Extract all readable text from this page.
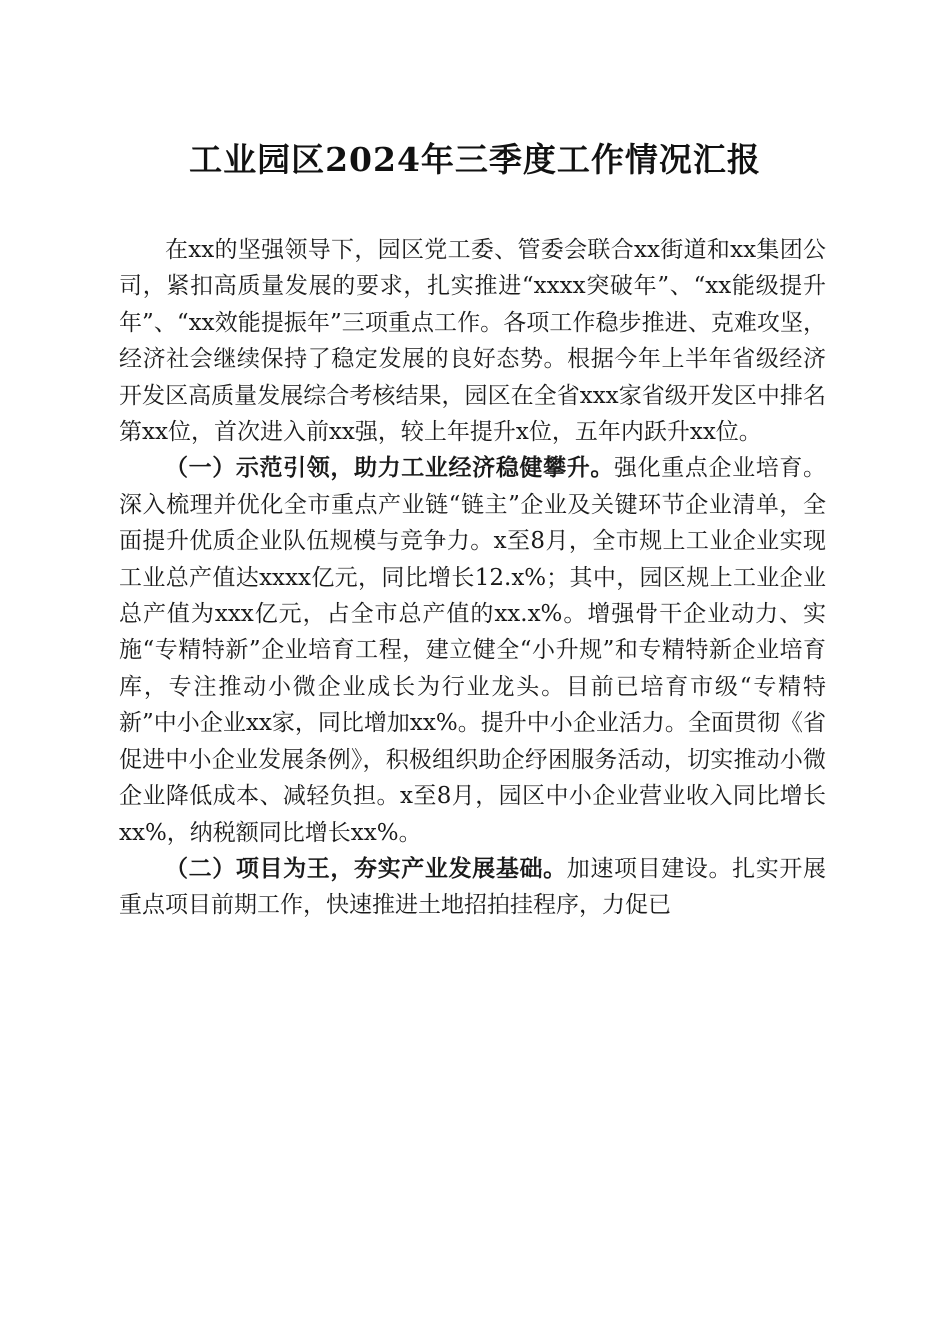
工业园区2024年三季度工作情况汇报

在xx的坚强领导下，园区党工委、管委会联合xx街道和xx集团公司，紧扣高质量发展的要求，扎实推进“xxxx突破年”、“xx能级提升年”、“xx效能提振年”三项重点工作。各项工作稳步推进、克难攻坚，经济社会继续保持了稳定发展的良好态势。根据今年上半年省级经济开发区高质量发展综合考核结果，园区在全省xxx家省级开发区中排名第xx位，首次进入前xx强，较上年提升x位，五年内跃升xx位。

（一）示范引领，助力工业经济稳健攀升。强化重点企业培育。深入梳理并优化全市重点产业链“链主”企业及关键环节企业清单，全面提升优质企业队伍规模与竞争力。x至8月，全市规上工业企业实现工业总产值达xxxx亿元，同比增长12.x%；其中，园区规上工业企业总产值为xxx亿元，占全市总产值的xx.x%。增强骨干企业动力、实施“专精特新”企业培育工程，建立健全“小升规”和专精特新企业培育库，专注推动小微企业成长为行业龙头。目前已培育市级“专精特新”中小企业xx家，同比增加xx%。提升中小企业活力。全面贯彻《省促进中小企业发展条例》，积极组织助企纾困服务活动，切实推动小微企业降低成本、减轻负担。x至8月，园区中小企业营业收入同比增长xx%，纳税额同比增长xx%。

（二）项目为王，夯实产业发展基础。加速项目建设。扎实开展重点项目前期工作，快速推进土地招拍挂程序，力促已
